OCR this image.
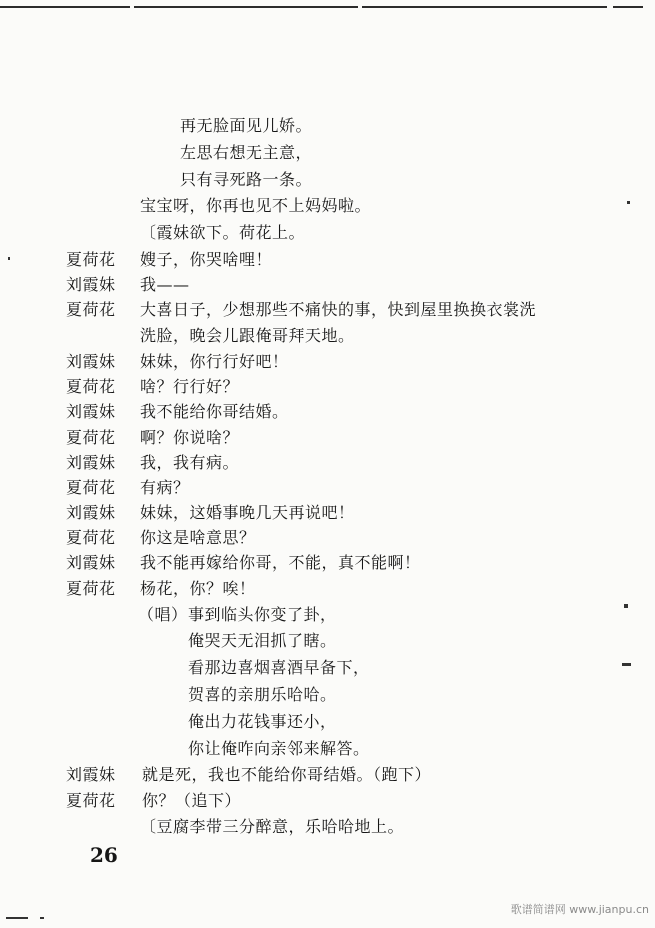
再无脸面见儿娇。
左思右想无主意，
只有寻死路一条。
宝宝呀，你再也见不上妈妈啦。
〔霞妹欲下。荷花上。
夏荷花 嫂子，你哭啥哩！
刘霞妹 我——
夏荷花 大喜日子，少想那些不痛快的事，快到屋里换换衣裳洗
洗脸，晚会儿跟俺哥拜天地。
刘霞妹 妹妹，你行行好吧！
夏荷花 啥？行行好？
刘霞妹 我不能给你哥结婚。
夏荷花 啊？你说啥？
刘霞妹 我，我有病。
夏荷花 有病？
刘霞妹 妹妹，这婚事晚几天再说吧！
夏荷花 你这是啥意思？
刘霞妹 我不能再嫁给你哥，不能，真不能啊！
夏荷花 杨花，你？唉！
（唱） 事到临头你变了卦，
俺哭天无泪抓了瞎。
看那边喜烟喜酒早备下，
贺喜的亲朋乐哈哈。
俺出力花钱事还小，
你让俺咋向亲邻来解答。
刘霞妹 就是死，我也不能给你哥结婚。（跑下）
夏荷花 你？（追下）
〔豆腐李带三分醉意，乐哈哈地上。
26
歌谱简谱网 www.jianpu.cn
